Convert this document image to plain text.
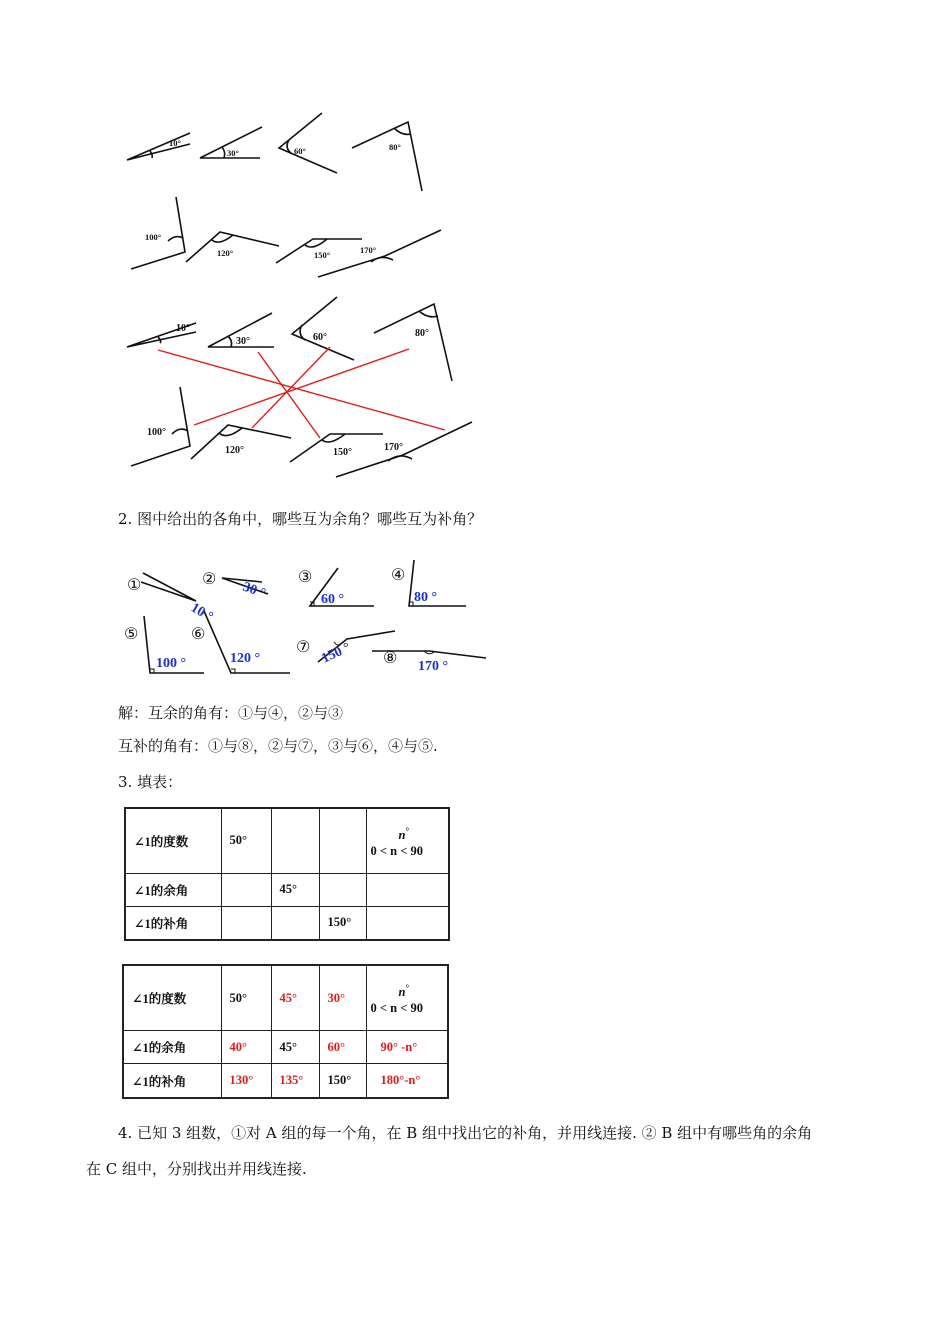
10°
30°	60°	80°
100°
120°	150°	170°
10°
30°	60°	80°
100°
120°	150°	170°
2. 图中给出的各角中，哪些互为余角？哪些互为补角？
①	②	③	④
⑤	⑥
⑦
⑧
10 °
30 °	60 °	80 °
100 °	120 °	150 °	170 °
解：互余的角有：①与④，②与③
互补的角有：①与⑧，②与⑦，③与⑥，④与⑤.
3. 填表：
∠1的度数	50°			n°
0 < n < 90

∠1的余角		45°		
∠1的补角			150°	
∠1的度数	50°	45°	30°	n°
0 < n < 90

∠1的余角	40°	45°	60°	90° -n°
∠1的补角	130°	135°	150°	180°-n°
4. 已知 3 组数，①对 A 组的每一个角，在 B 组中找出它的补角，并用线连接. ② B 组中有哪些角的余角
在 C 组中，分别找出并用线连接.
